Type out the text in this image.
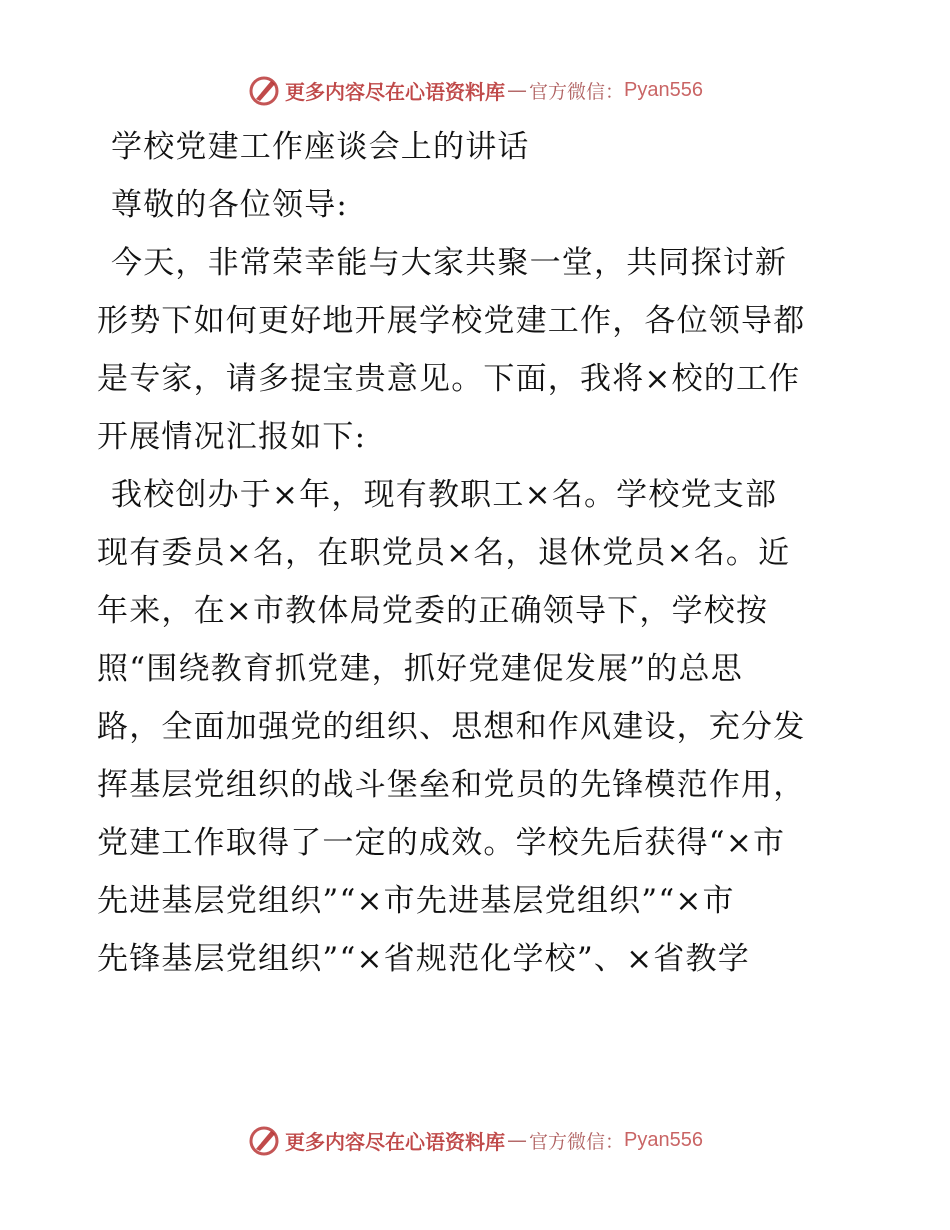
更多内容尽在心语资料库 — 官方微信： Pyan556
学校党建工作座谈会上的讲话
尊敬的各位领导:
今天，非常荣幸能与大家共聚一堂，共同探讨新
形势下如何更好地开展学校党建工作，各位领导都
是专家，请多提宝贵意见。下面，我将×校的工作
开展情况汇报如下:
我校创办于×年，现有教职工×名。学校党支部
现有委员×名，在职党员×名，退休党员×名。近
年来，在×市教体局党委的正确领导下，学校按
照“围绕教育抓党建，抓好党建促发展”的总思
路，全面加强党的组织、思想和作风建设，充分发
挥基层党组织的战斗堡垒和党员的先锋模范作用，
党建工作取得了一定的成效。学校先后获得“×市
先进基层党组织”“×市先进基层党组织”“×市
先锋基层党组织”“×省规范化学校”、×省教学
更多内容尽在心语资料库 — 官方微信： Pyan556
